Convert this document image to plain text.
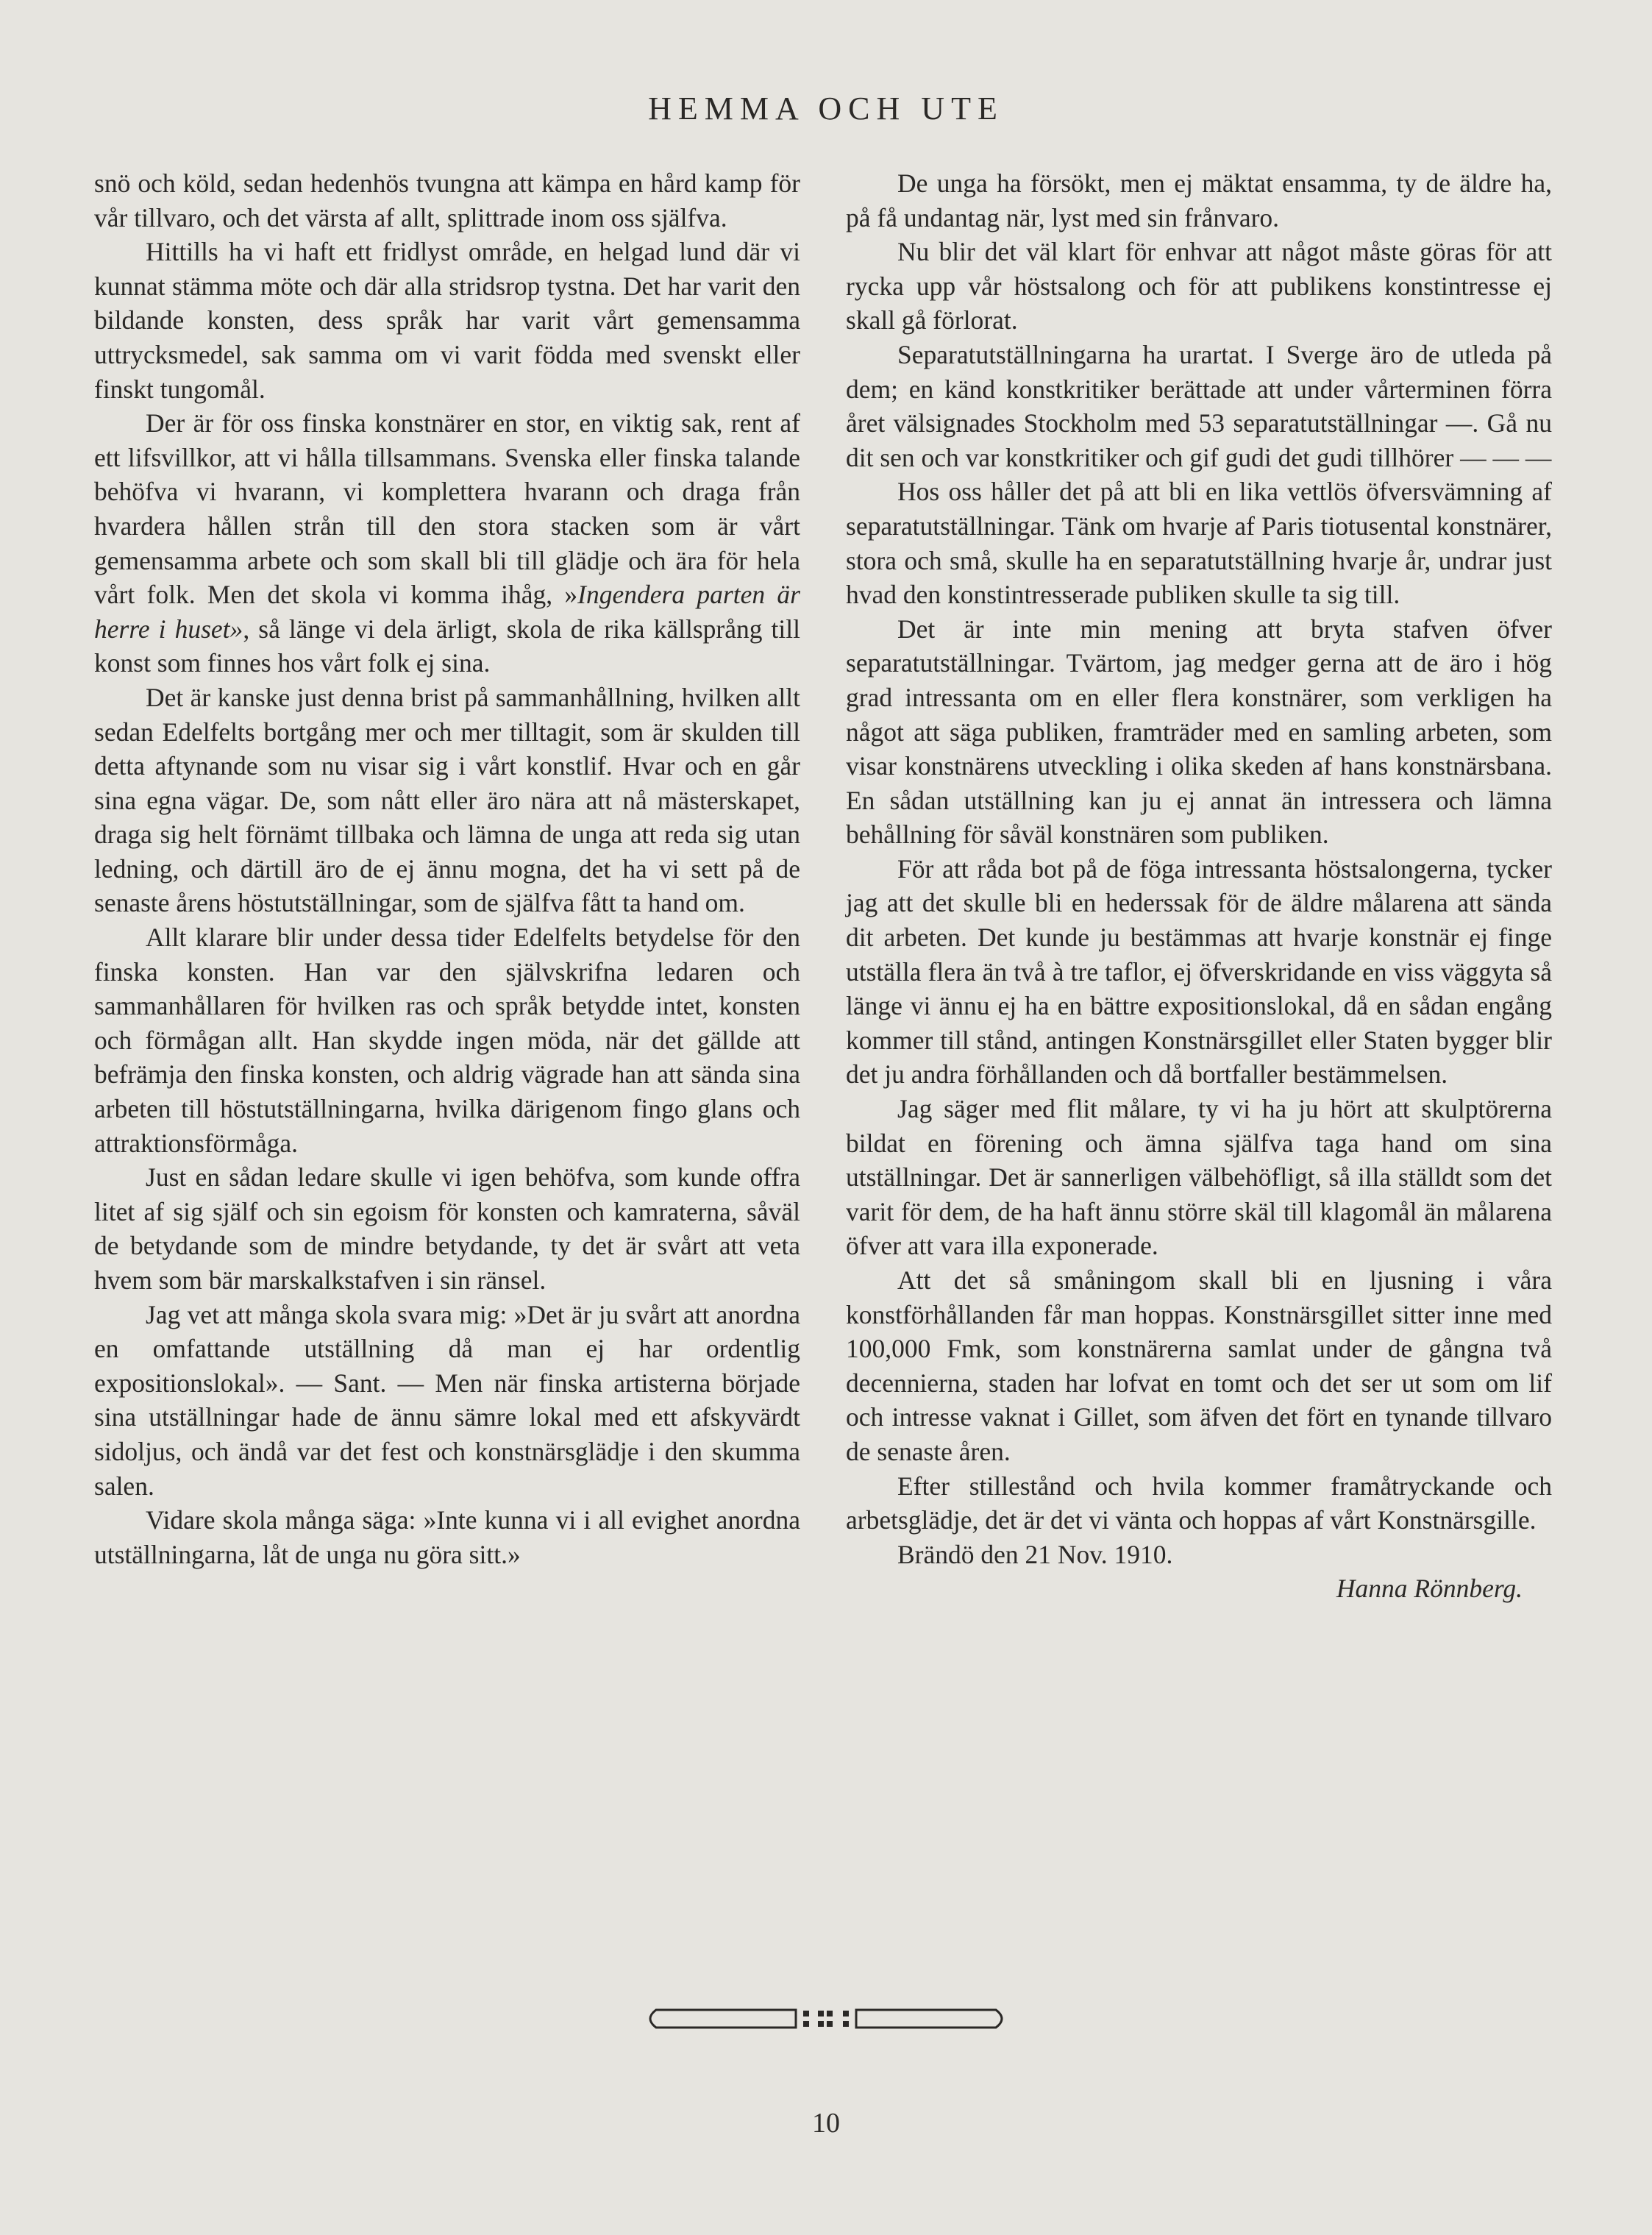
HEMMA OCH UTE

snö och köld, sedan hedenhös tvungna att kämpa en hård kamp för vår tillvaro, och det värsta af allt, splittrade inom oss själfva.

Hittills ha vi haft ett fridlyst område, en helgad lund där vi kunnat stämma möte och där alla stridsrop tystna. Det har varit den bildande konsten, dess språk har varit vårt gemensamma uttrycksmedel, sak samma om vi varit födda med svenskt eller finskt tungomål.

Der är för oss finska konstnärer en stor, en viktig sak, rent af ett lifsvillkor, att vi hålla tillsammans. Svenska eller finska talande behöfva vi hvarann, vi komplettera hvarann och draga från hvardera hållen strån till den stora stacken som är vårt gemensamma arbete och som skall bli till glädje och ära för hela vårt folk. Men det skola vi komma ihåg, »Ingendera parten är herre i huset», så länge vi dela ärligt, skola de rika källsprång till konst som finnes hos vårt folk ej sina.

Det är kanske just denna brist på sammanhållning, hvilken allt sedan Edelfelts bortgång mer och mer tilltagit, som är skulden till detta aftynande som nu visar sig i vårt konstlif. Hvar och en går sina egna vägar. De, som nått eller äro nära att nå mästerskapet, draga sig helt förnämt tillbaka och lämna de unga att reda sig utan ledning, och därtill äro de ej ännu mogna, det ha vi sett på de senaste årens höstutställningar, som de själfva fått ta hand om.

Allt klarare blir under dessa tider Edelfelts betydelse för den finska konsten. Han var den självskrifna ledaren och sammanhållaren för hvilken ras och språk betydde intet, konsten och förmågan allt. Han skydde ingen möda, när det gällde att befrämja den finska konsten, och aldrig vägrade han att sända sina arbeten till höstutställningarna, hvilka därigenom fingo glans och attraktionsförmåga.

Just en sådan ledare skulle vi igen behöfva, som kunde offra litet af sig själf och sin egoism för konsten och kamraterna, såväl de betydande som de mindre betydande, ty det är svårt att veta hvem som bär marskalkstafven i sin ränsel.

Jag vet att många skola svara mig: »Det är ju svårt att anordna en omfattande utställning då man ej har ordentlig expositionslokal». — Sant. — Men när finska artisterna började sina utställningar hade de ännu sämre lokal med ett afskyvärdt sidoljus, och ändå var det fest och konstnärsglädje i den skumma salen.

Vidare skola många säga: »Inte kunna vi i all evighet anordna utställningarna, låt de unga nu göra sitt.»

De unga ha försökt, men ej mäktat ensamma, ty de äldre ha, på få undantag när, lyst med sin frånvaro.

Nu blir det väl klart för enhvar att något måste göras för att rycka upp vår höstsalong och för att publikens konstintresse ej skall gå förlorat.

Separatutställningarna ha urartat. I Sverge äro de utleda på dem; en känd konstkritiker berättade att under vårterminen förra året välsignades Stockholm med 53 separatutställningar —. Gå nu dit sen och var konstkritiker och gif gudi det gudi tillhörer — — —

Hos oss håller det på att bli en lika vettlös öfversvämning af separatutställningar. Tänk om hvarje af Paris tiotusental konstnärer, stora och små, skulle ha en separatutställning hvarje år, undrar just hvad den konstintresserade publiken skulle ta sig till.

Det är inte min mening att bryta stafven öfver separatutställningar. Tvärtom, jag medger gerna att de äro i hög grad intressanta om en eller flera konstnärer, som verkligen ha något att säga publiken, framträder med en samling arbeten, som visar konstnärens utveckling i olika skeden af hans konstnärsbana. En sådan utställning kan ju ej annat än intressera och lämna behållning för såväl konstnären som publiken.

För att råda bot på de föga intressanta höstsalongerna, tycker jag att det skulle bli en hederssak för de äldre målarena att sända dit arbeten. Det kunde ju bestämmas att hvarje konstnär ej finge utställa flera än två à tre taflor, ej öfverskridande en viss väggyta så länge vi ännu ej ha en bättre expositionslokal, då en sådan engång kommer till stånd, antingen Konstnärsgillet eller Staten bygger blir det ju andra förhållanden och då bortfaller bestämmelsen.

Jag säger med flit målare, ty vi ha ju hört att skulptörerna bildat en förening och ämna själfva taga hand om sina utställningar. Det är sannerligen välbehöfligt, så illa ställdt som det varit för dem, de ha haft ännu större skäl till klagomål än målarena öfver att vara illa exponerade.

Att det så småningom skall bli en ljusning i våra konstförhållanden får man hoppas. Konstnärsgillet sitter inne med 100,000 Fmk, som konstnärerna samlat under de gångna två decennierna, staden har lofvat en tomt och det ser ut som om lif och intresse vaknat i Gillet, som äfven det fört en tynande tillvaro de senaste åren.

Efter stillestånd och hvila kommer framåtryckande och arbetsglädje, det är det vi vänta och hoppas af vårt Konstnärsgille.

Brändö den 21 Nov. 1910.

Hanna Rönnberg.

10
